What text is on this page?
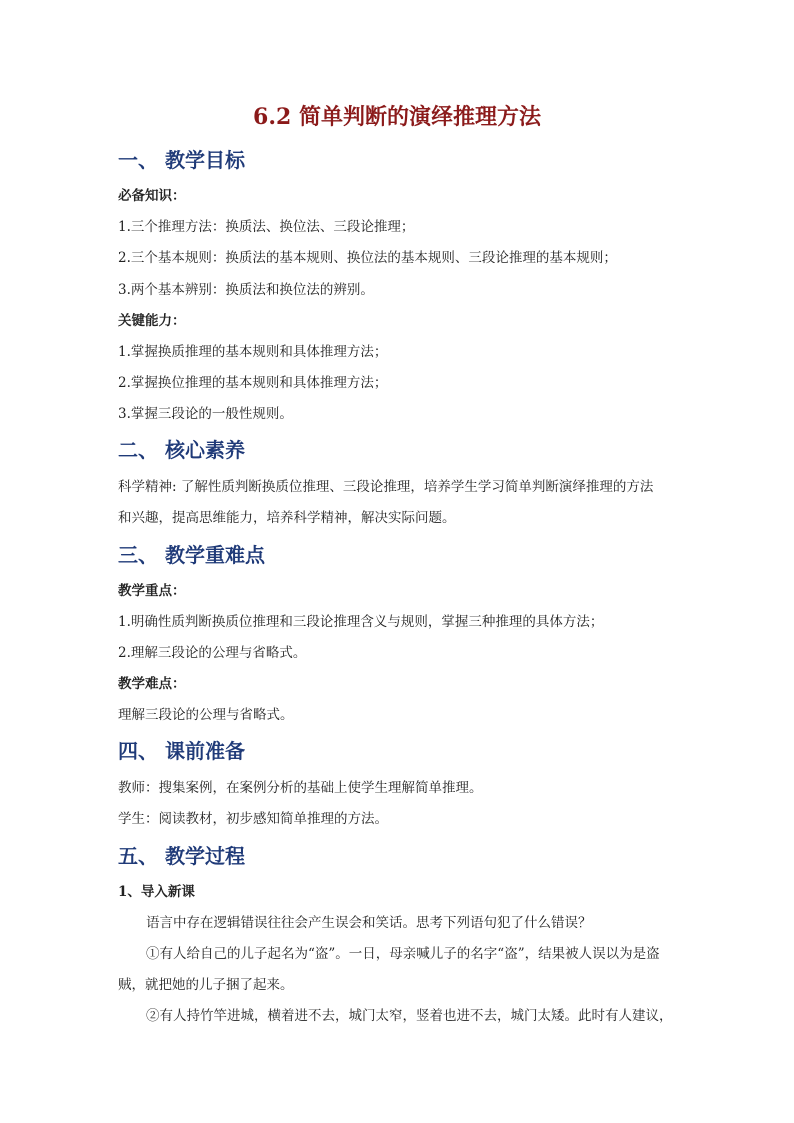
6.2 简单判断的演绎推理方法
一、 教学目标
必备知识：
1.三个推理方法：换质法、换位法、三段论推理；
2.三个基本规则：换质法的基本规则、换位法的基本规则、三段论推理的基本规则；
3.两个基本辨别：换质法和换位法的辨别。
关键能力：
1.掌握换质推理的基本规则和具体推理方法；
2.掌握换位推理的基本规则和具体推理方法；
3.掌握三段论的一般性规则。
二、 核心素养
科学精神: 了解性质判断换质位推理、三段论推理，培养学生学习简单判断演绎推理的方法
和兴趣，提高思维能力，培养科学精神，解决实际问题。
三、 教学重难点
教学重点：
1.明确性质判断换质位推理和三段论推理含义与规则，掌握三种推理的具体方法；
2.理解三段论的公理与省略式。
教学难点：
理解三段论的公理与省略式。
四、 课前准备
教师：搜集案例，在案例分析的基础上使学生理解简单推理。
学生：阅读教材，初步感知简单推理的方法。
五、 教学过程
1、导入新课
语言中存在逻辑错误往往会产生误会和笑话。思考下列语句犯了什么错误？
①有人给自己的儿子起名为“盗”。一日，母亲喊儿子的名字“盗”，结果被人误以为是盗
贼，就把她的儿子捆了起来。
②有人持竹竿进城，横着进不去，城门太窄，竖着也进不去，城门太矮。此时有人建议，
